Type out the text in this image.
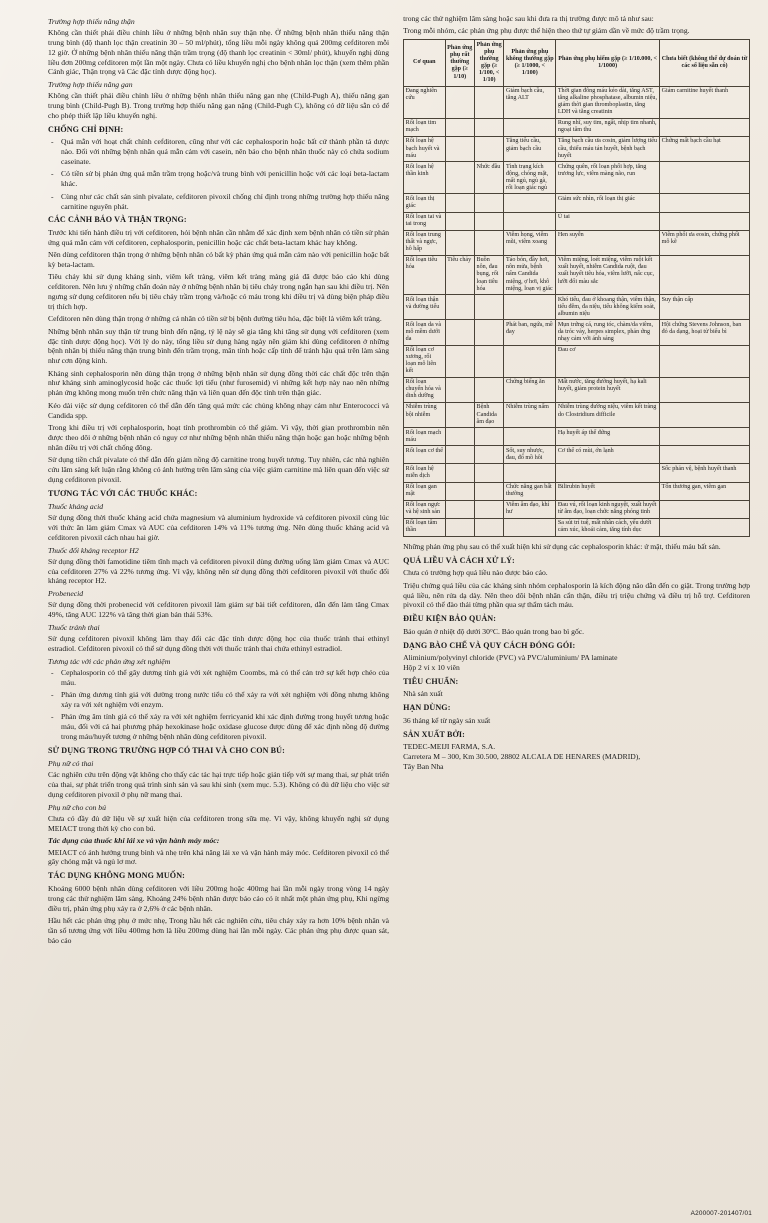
Trường hợp thiếu năng thận

Không cần thiết phải điều chỉnh liều ở những bệnh nhân suy thận nhẹ. Ở những bệnh nhân thiếu năng thận trung bình (độ thanh lọc thận creatinin 30 – 50 ml/phút), tổng liều mỗi ngày không quá 200mg cefditoren mỗi 12 giờ. Ở những bệnh nhân thiếu năng thận trầm trọng (độ thanh lọc creatinin < 30ml/ phút), khuyến nghị dùng liều đơn 200mg cefditoren một lần một ngày. Chưa có liều khuyến nghị cho bệnh nhân lọc thận (xem thêm phần Cảnh giác, Thận trọng và Các đặc tính dược động học).

Trường hợp thiếu năng gan

Không cần thiết phải điều chỉnh liều ở những bệnh nhân thiếu năng gan nhẹ (Child-Pugh A), thiếu năng gan trung bình (Child-Pugh B). Trong trường hợp thiếu năng gan nặng (Child-Pugh C), không có dữ liệu sẵn có để cho phép thiết lập liều khuyến nghị.

CHỐNG CHỈ ĐỊNH:

- Quá mẫn với hoạt chất chính cefditoren, cũng như với các cephalosporin hoặc bất cứ thành phần tá dược nào. Đối với những bệnh nhân quá mẫn cảm với casein, nên báo cho bệnh nhân thuốc này có chứa sodium caseinate.
- Có tiền sử bị phản ứng quá mẫn trầm trọng hoặc/và trung bình với penicillin hoặc với các loại beta-lactam khác.
- Cùng như các chất sản sinh pivalate, cefditoren pivoxil chống chỉ định trong những trường hợp thiếu năng carnitine nguyên phát.

CÁC CẢNH BÁO VÀ THẬN TRỌNG:

Trước khi tiến hành điều trị với cefditoren, hỏi bệnh nhân cần nhằm để xác định xem bệnh nhân có tiền sử phản ứng quá mẫn cảm với cefditoren, cephalosporin, penicillin hoặc các chất beta-lactam khác hay không.

Nên dùng cefditoren thận trọng ở những bệnh nhân có bất kỳ phản ứng quá mẫn cảm nào với penicillin hoặc bất kỳ beta-lactam.

Tiêu chảy khi sử dụng kháng sinh, viêm kết tràng, viêm kết tràng màng giả đã được báo cáo khi dùng cefditoren. Nên lưu ý những chẩn đoán này ở những bệnh nhân bị tiêu chảy trong ngắn hạn sau khi điều trị. Nên ngưng sử dụng cefditoren nếu bị tiêu chảy trầm trọng và/hoặc có máu trong khi điều trị và dùng biện pháp điều trị thích hợp.

Cefditoren nên dùng thận trọng ở những cá nhân có tiền sử bị bệnh đường tiêu hóa, đặc biệt là viêm kết tràng.

Những bệnh nhân suy thận từ trung bình đến nặng, tỷ lệ này sẽ gia tăng khi tăng sử dụng với cefditoren (xem đặc tính dược động học). Với lý do này, tổng liều sử dụng hàng ngày nên giảm khi dùng cefditoren ở những bệnh nhân bị thiếu năng thận trung bình đến trầm trọng, mãn tính hoặc cấp tính để tránh hậu quả trên làm sàng như cơn động kinh.

Kháng sinh cephalosporin nên dùng thận trọng ở những bệnh nhân sử dụng đồng thời các chất độc trên thận như kháng sinh aminoglycosid hoặc các thuốc lợi tiểu (như furosemid) vì những kết hợp này nao nên những phản ứng không mong muốn trên chức năng thận và liên quan đến độc tính trên thận giác.

Kéo dài việc sử dụng cefditoren có thể dẫn đến tăng quá mức các chủng không nhạy cảm như Enterococci và Candida spp.

Trong khi điều trị với cephalosporin, hoạt tính prothrombin có thể giảm. Vì vậy, thời gian prothrombin nên được theo dõi ở những bệnh nhân có nguy cơ như những bệnh nhân thiếu năng thận hoặc gan hoặc những bệnh nhân điều trị với chất chống đông.

Sử dụng tiền chất pivalate có thể dẫn đến giảm nồng độ carnitine trong huyết tương. Tuy nhiên, các nhà nghiên cứu lâm sàng kết luận rằng không có ảnh hưởng trên lâm sàng của việc giảm carnitine mà liên quan đến việc sử dụng cefditoren pivoxil.

TƯƠNG TÁC VỚI CÁC THUỐC KHÁC:

Thuốc kháng acid

Sử dụng đồng thời thuốc kháng acid chứa magnesium và aluminium hydroxide và cefditoren pivoxil cùng lúc với thức ăn làm giảm Cmax và AUC của cefditoren 14% và 11% tương ứng. Nên dùng thuốc kháng acid và cefditoren pivoxil cách nhau hai giờ.

Thuốc đối kháng receptor H2

Sử dụng đồng thời famotidine tiêm tĩnh mạch và cefditoren pivoxil dùng đường uống làm giảm Cmax và AUC của cefditoren 27% và 22% tương ứng. Vì vậy, không nên sử dụng đồng thời cefditoren pivoxil với thuốc đối kháng receptor H2.

Probenecid

Sử dụng đồng thời probenecid với cefditoren pivoxil làm giảm sự bài tiết cefditoren, dẫn đến làm tăng Cmax 49%, tăng AUC 122% và tăng thời gian bán thải 53%.

Thuốc tránh thai

Sử dụng cefditoren pivoxil không làm thay đổi các đặc tính dược động học của thuốc tránh thai ethinyl estradiol. Cefditoren pivoxil có thể sử dụng đồng thời với thuốc tránh thai chứa ethinyl estradiol.

Tương tác với các phản ứng xét nghiệm

- Cephalosporin có thể gây dương tính giả với xét nghiệm Coombs, mà có thể cản trở sự kết hợp chéo của máu.
- Phản ứng dương tính giả với đường trong nước tiểu có thể xảy ra với xét nghiệm với đồng nhưng không xảy ra với xét nghiệm với enzym.
- Phản ứng âm tính giả có thể xảy ra với xét nghiệm ferricyanid khi xác định đường trong huyết tương hoặc máu, đối với cá hai phương pháp hexokinase hoặc oxidase glucose được dùng để xác định nồng độ đường trong máu/huyết tương ở những bệnh nhân dùng cefditoren pivoxil.

SỬ DỤNG TRONG TRƯỜNG HỢP CÓ THAI VÀ CHO CON BÚ:

Phụ nữ có thai

Các nghiên cứu trên động vật không cho thấy các tác hại trực tiếp hoặc gián tiếp với sự mang thai, sự phát triển của thai, sự phát triển trong quá trình sinh sản và sau khi sinh (xem mục. 5.3). Không có đủ dữ liệu cho việc sử dụng cefditoren pivoxil ở phụ nữ mang thai.

Phụ nữ cho con bú

Chưa có đầy đủ dữ liệu về sự xuất hiện của cefditoren trong sữa mẹ. Vì vậy, không khuyến nghị sử dụng MEIACT trong thời kỳ cho con bú.

Tác dụng của thuốc khi lái xe và vận hành máy móc:

MEIACT có ảnh hưởng trung bình và nhẹ trên khả năng lái xe và vận hành máy móc. Cefditoren pivoxil có thể gây chóng mặt và ngủ lơ mơ.

TÁC DỤNG KHÔNG MONG MUỐN:

Khoảng 6000 bệnh nhân dùng cefditoren với liều 200mg hoặc 400mg hai lần mỗi ngày trong vòng 14 ngày trong các thử nghiệm lâm sàng. Khoảng 24% bệnh nhân được báo cáo có ít nhất một phản ứng phụ, Khi ngừng điều trị, phản ứng phụ xảy ra ở 2,6% ở các bệnh nhân.

Hầu hết các phản ứng phụ ở mức nhẹ, Trong hầu hết các nghiên cứu, tiêu chảy xảy ra hơn 10% bệnh nhân và tần số tương ứng với liều 400mg hơn là liều 200mg dùng hai lần mỗi ngày. Các phản ứng phụ được quan sát, báo cáo

trong các thử nghiệm lâm sàng hoặc sau khi đưa ra thị trường được mô tả như sau:

Trong mỗi nhóm, các phản ứng phụ được thể hiện theo thứ tự giảm dần về mức độ trầm trọng.

Cơ quan	Phản ứng phụ rất thường gặp (≥ 1/10)	Phản ứng phụ thường gặp (≥ 1/100, < 1/10)	Phản ứng phụ không thường gặp (≥ 1/1000, < 1/100)	Phản ứng phụ hiếm gặp (≥ 1/10.000, < 1/1000)	Chưa biết (không thể dự đoán từ các số liệu sẵn có)
Đang nghiên cứu			Giảm bạch cầu, tăng ALT	Thời gian đông máu kéo dài, tăng AST, tăng alkaline phosphatase, albumin niệu, giảm thời gian thromboplastin, tăng LDH và tăng creatinin	Giảm carnitine huyết thanh
Rối loạn tim mạch				Rung nhĩ, suy tim, ngất, nhịp tim nhanh, ngoại tâm thu	
Rối loạn hệ bạch huyết và máu			Tăng tiểu cầu, giảm bạch cầu	Tăng bạch cầu ưa cosin, giảm lượng tiểu cầu, thiếu máu tán huyết, bệnh bạch huyết	Chứng mất bạch cầu hạt
Rối loạn hệ thần kinh		Nhức đầu	Tình trạng kích động, chóng mặt, mất ngủ, ngủ gà, rối loạn giác ngủ	Chứng quên, rối loạn phối hợp, tăng trương lực, viêm màng não, run	
Rối loạn thị giác				Giảm sức nhìn, rối loạn thị giác	
Rối loạn tai và tai trong				Ù tai	
Rối loạn trung thất và ngực, hô hấp			Viêm họng, viêm mũi, viêm xoang	Hen suyễn	Viêm phổi ưa eosin, chứng phổi mô kẽ
Rối loạn tiêu hóa	Tiêu chảy	Buồn nôn, đau bụng, rối loạn tiêu hóa	Táo bón, đầy hơi, nôn mửa, bệnh nấm Candida miệng, ợ hơi, khô miệng, loạn vị giác	Viêm miệng, loét miệng, viêm ruột kết xuất huyết, nhiễm Candida ruột, đau xuất huyết tiêu hóa, viêm lưỡi, nấc cục, lưỡi đổi màu sắc	
Rối loạn thận và đường tiểu				Khó tiểu, đau ở khoang thận, viêm thận, tiểu đêm, đa niệu, tiểu không kiểm soát, albumin niệu	Suy thận cấp
Rối loạn da và mô mềm dưới da			Phát ban, ngứa, mề đay	Mụn trứng cá, rung tóc, chàm/da viêm, da tróc vảy, herpes simplex, phản ứng nhạy cảm với ánh sáng	Hội chứng Stevens Johnson, ban đỏ da dạng, hoại tử biểu bì
Rối loạn cơ xương, rối loạn mô liên kết				Đau cơ	
Rối loạn chuyển hóa và dinh dưỡng			Chứng biếng ăn	Mất nước, tăng đường huyết, hạ kali huyết, giảm protein huyết	
Nhiễm trùng bội nhiễm		Bệnh Candida âm đạo	Nhiễm trùng nấm	Nhiễm trùng đường niệu, viêm kết tràng do Clostridium difficile	
Rối loạn mạch máu				Hạ huyết áp thế đứng	
Rối loạn cơ thể			Sốt, suy nhược, đau, đổ mồ hôi	Cơ thể có mùi, ớn lạnh	
Rối loạn hệ miễn dịch					Sốc phản vệ, bệnh huyết thanh
Rối loạn gan mật			Chức năng gan bất thường	Bilirubin huyết	Tổn thương gan, viêm gan
Rối loạn ngực và hệ sinh sản			Viêm âm đạo, khí hư	Đau vú, rối loạn kinh nguyệt, xuất huyết từ âm đạo, loạn chức năng phóng tinh	
Rối loạn tâm thần				Sa sút trí tuệ, mất nhân cách, yếu dưới cảm xúc, khoái cảm, tăng tính dục	

Những phản ứng phụ sau có thể xuất hiện khi sử dụng các cephalosporin khác: ứ mật, thiếu máu bất sản.

QUÁ LIỀU VÀ CÁCH XỬ LÝ:

Chưa có trường hợp quá liều nào được báo cáo.

Triệu chứng quá liều của các kháng sinh nhóm cephalosporin là kích động não dẫn đến co giật. Trong trường hợp quá liều, nên rửa dạ dày. Nên theo dõi bệnh nhân cẩn thận, điều trị triệu chứng và điều trị hỗ trợ. Cefditoren pivoxil có thể đào thải từng phần qua sự thẩm tách máu.

ĐIỀU KIỆN BẢO QUẢN:

Bảo quản ở nhiệt độ dưới 30°C. Bảo quản trong bao bì gốc.

DẠNG BÀO CHẾ VÀ QUY CÁCH ĐÓNG GÓI:

Aliminium/polyvinyl chloride (PVC) và PVC/aluminium/ PA laminate

Hộp 2 vỉ x 10 viên

TIÊU CHUẨN:

Nhà sản xuất

HẠN DÙNG:

36 tháng kể từ ngày sản xuất

SẢN XUẤT BỞI:

TEDEC-MEIJI FARMA, S.A.

Carretera M – 300, Km 30.500, 28802 ALCALA DE HENARES (MADRID),

Tây Ban Nha

A200007-201407/01
